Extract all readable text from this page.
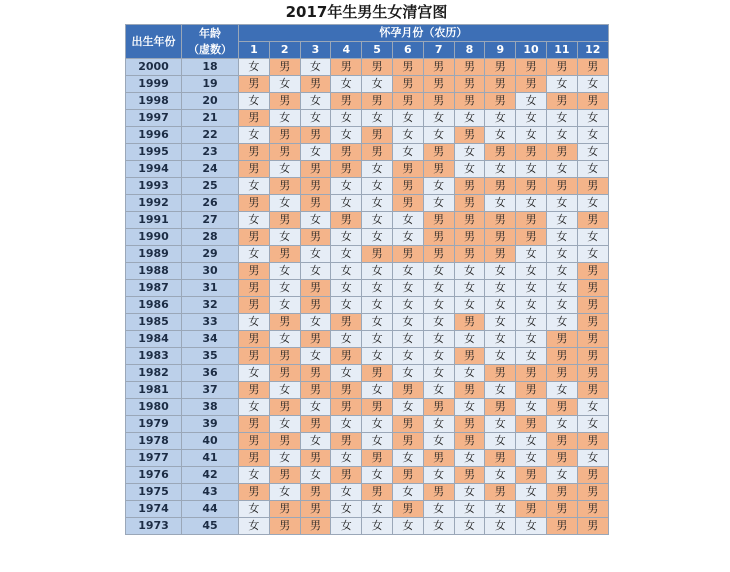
2017年生男生女清宫图
出生年份	年龄
（虚数）	怀孕月份（农历）											
		1	2	3	4	5	6	7	8	9	10	11	12
2000	18	女	男	女	男	男	男	男	男	男	男	男	男
1999	19	男	女	男	女	女	男	男	男	男	男	女	女
1998	20	女	男	女	男	男	男	男	男	男	女	男	男
1997	21	男	女	女	女	女	女	女	女	女	女	女	女
1996	22	女	男	男	女	男	女	女	男	女	女	女	女
1995	23	男	男	女	男	男	女	男	女	男	男	男	女
1994	24	男	女	男	男	女	男	男	女	女	女	女	女
1993	25	女	男	男	女	女	男	女	男	男	男	男	男
1992	26	男	女	男	女	女	男	女	男	女	女	女	女
1991	27	女	男	女	男	女	女	男	男	男	男	女	男
1990	28	男	女	男	女	女	女	男	男	男	男	女	女
1989	29	女	男	女	女	男	男	男	男	男	女	女	女
1988	30	男	女	女	女	女	女	女	女	女	女	女	男
1987	31	男	女	男	女	女	女	女	女	女	女	女	男
1986	32	男	女	男	女	女	女	女	女	女	女	女	男
1985	33	女	男	女	男	女	女	女	男	女	女	女	男
1984	34	男	女	男	女	女	女	女	女	女	女	男	男
1983	35	男	男	女	男	女	女	女	男	女	女	男	男
1982	36	女	男	男	女	男	女	女	女	男	男	男	男
1981	37	男	女	男	男	女	男	女	男	女	男	女	男
1980	38	女	男	女	男	男	女	男	女	男	女	男	女
1979	39	男	女	男	女	女	男	女	男	女	男	女	女
1978	40	男	男	女	男	女	男	女	男	女	女	男	男
1977	41	男	女	男	女	男	女	男	女	男	女	男	女
1976	42	女	男	女	男	女	男	女	男	女	男	女	男
1975	43	男	女	男	女	男	女	男	女	男	女	男	男
1974	44	女	男	男	女	女	男	女	女	女	男	男	男
1973	45	女	男	男	女	女	女	女	女	女	女	男	男
